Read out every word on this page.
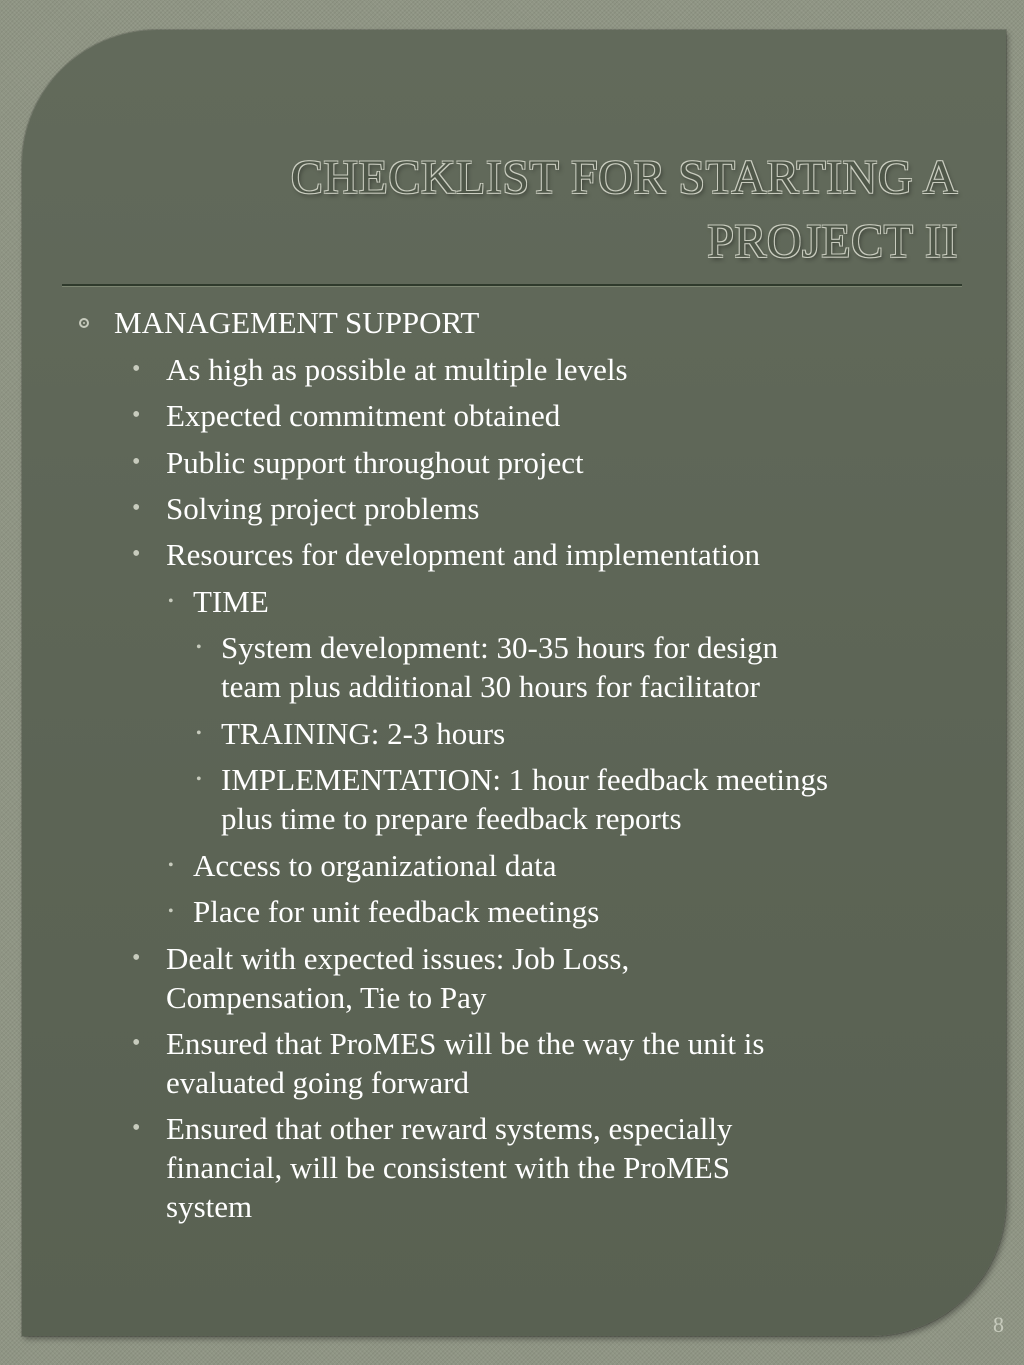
CHECKLIST FOR STARTING A
PROJECT II
MANAGEMENT SUPPORT
• As high as possible at multiple levels
• Expected commitment obtained
• Public support throughout project
• Solving project problems
• Resources for development and implementation
• TIME
• System development: 30-35 hours for design
team plus additional 30 hours for facilitator
• TRAINING: 2-3 hours
• IMPLEMENTATION: 1 hour feedback meetings
plus time to prepare feedback reports
• Access to organizational data
• Place for unit feedback meetings
• Dealt with expected issues: Job Loss,
Compensation, Tie to Pay
• Ensured that ProMES will be the way the unit is
evaluated going forward
• Ensured that other reward systems, especially
financial, will be consistent with the ProMES
system
8
